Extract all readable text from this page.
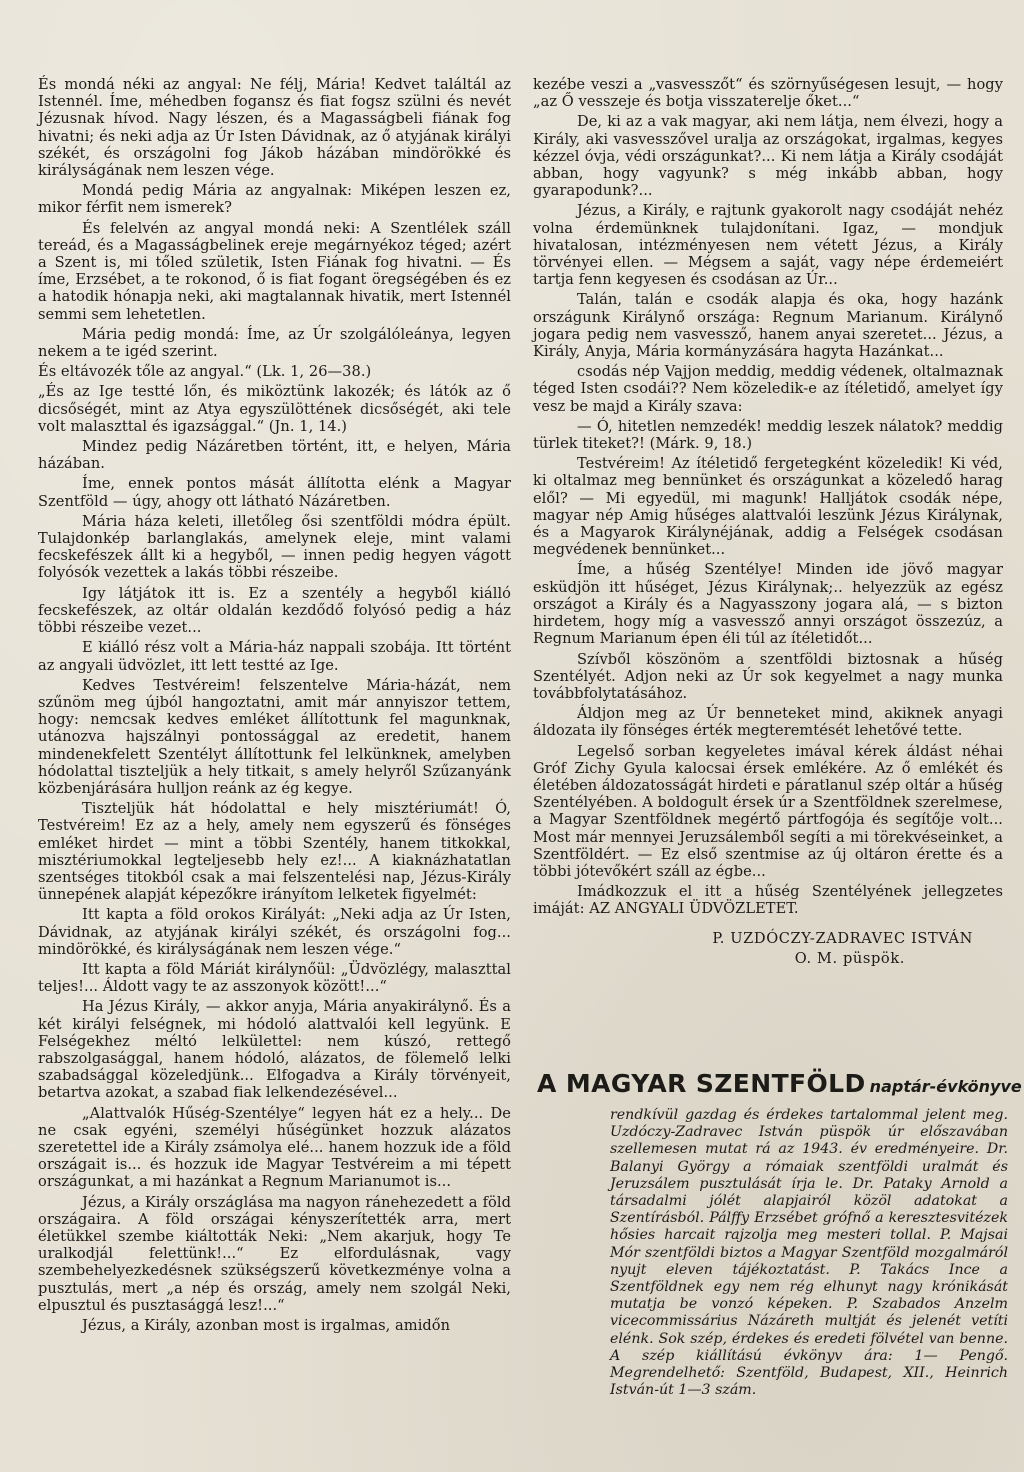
És mondá néki az angyal: Ne félj, Mária! Kedvet találtál az Istennél. Íme, méhedben fogansz és fiat fogsz szülni és nevét Jézusnak hívod. Nagy lészen, és a Magasságbeli fiának fog hivatni; és neki adja az Úr Isten Dávidnak, az ő atyjának királyi székét, és országolni fog Jákob házában mindörökké és királyságának nem leszen vége.

Mondá pedig Mária az angyalnak: Miképen leszen ez, mikor férfit nem ismerek?

És felelvén az angyal mondá neki: A Szentlélek száll tereád, és a Magasságbelinek ereje megárnyékoz téged; azért a Szent is, mi tőled születik, Isten Fiának fog hivatni. — És íme, Erzsébet, a te rokonod, ő is fiat fogant öregségében és ez a hatodik hónapja neki, aki magtalannak hivatik, mert Istennél semmi sem lehetetlen.

Mária pedig mondá: Íme, az Úr szolgálóleánya, legyen nekem a te igéd szerint.

És eltávozék tőle az angyal.“ (Lk. 1, 26—38.)

„És az Ige testté lőn, és miköztünk lakozék; és látók az ő dicsőségét, mint az Atya egyszülöttének dicsőségét, aki tele volt malaszttal és igazsággal.“ (Jn. 1, 14.)

Mindez pedig Názáretben történt, itt, e helyen, Mária házában.

Íme, ennek pontos mását állította elénk a Magyar Szentföld — úgy, ahogy ott látható Názáretben.

Mária háza keleti, illetőleg ősi szentföldi módra épült. Tulajdonkép barlanglakás, amelynek eleje, mint valami fecskefészek állt ki a hegyből, — innen pedig hegyen vágott folyósók vezettek a lakás többi részeibe.

Igy látjátok itt is. Ez a szentély a hegyből kiálló fecskefészek, az oltár oldalán kezdődő folyósó pedig a ház többi részeibe vezet...

E kiálló rész volt a Mária-ház nappali szobája. Itt történt az angyali üdvözlet, itt lett testté az Ige.

Kedves Testvéreim! felszentelve Mária-házát, nem szűnöm meg újból hangoztatni, amit már annyiszor tettem, hogy: nemcsak kedves emléket állítottunk fel magunknak, utánozva hajszálnyi pontossággal az eredetit, hanem mindenekfelett Szentélyt állítottunk fel lelkünknek, amelyben hódolattal tiszteljük a hely titkait, s amely helyről Szűzanyánk közbenjárására hulljon reánk az ég kegye.

Tiszteljük hát hódolattal e hely misztériumát! Ó, Testvéreim! Ez az a hely, amely nem egyszerű és fönséges emléket hirdet — mint a többi Szentély, hanem titkokkal, misztériumokkal legteljesebb hely ez!... A kiaknázhatatlan szentséges titokból csak a mai felszentelési nap, Jézus-Király ünnepének alapját képezőkre irányítom lelketek figyelmét:

Itt kapta a föld orokos Királyát: „Neki adja az Úr Isten, Dávidnak, az atyjának királyi székét, és országolni fog... mindörökké, és királyságának nem leszen vége.“

Itt kapta a föld Máriát királynőül: „Üdvözlégy, malaszttal teljes!... Áldott vagy te az asszonyok között!...“

Ha Jézus Király, — akkor anyja, Mária anyakirálynő. És a két királyi felségnek, mi hódoló alattvalói kell legyünk. E Felségekhez méltó lelkülettel: nem kúszó, rettegő rabszolgasággal, hanem hódoló, alázatos, de fölemelő lelki szabadsággal közeledjünk... Elfogadva a Király törvényeit, betartva azokat, a szabad fiak lelkendezésével...

„Alattvalók Hűség-Szentélye“ legyen hát ez a hely... De ne csak egyéni, személyi hűségünket hozzuk alázatos szeretettel ide a Király zsámolya elé... hanem hozzuk ide a föld országait is... és hozzuk ide Magyar Testvéreim a mi tépett országunkat, a mi hazánkat a Regnum Marianumot is...

Jézus, a Király országlása ma nagyon ránehezedett a föld országaira. A föld országai kényszerítették arra, mert életükkel szembe kiáltották Neki: „Nem akarjuk, hogy Te uralkodjál felettünk!...“ Ez elfordulásnak, vagy szembehelyezkedésnek szükségszerű következménye volna a pusztulás, mert „a nép és ország, amely nem szolgál Neki, elpusztul és pusztasággá lesz!...“

Jézus, a Király, azonban most is irgalmas, amidőn

kezébe veszi a „vasvesszőt“ és szörnyűségesen lesujt, — hogy „az Ő vesszeje és botja visszaterelje őket...“

De, ki az a vak magyar, aki nem látja, nem élvezi, hogy a Király, aki vasvesszővel uralja az országokat, irgalmas, kegyes kézzel óvja, védi országunkat?... Ki nem látja a Király csodáját abban, hogy vagyunk? s még inkább abban, hogy gyarapodunk?...

Jézus, a Király, e rajtunk gyakorolt nagy csodáját nehéz volna érdemünknek tulajdonítani. Igaz, — mondjuk hivatalosan, intézményesen nem vétett Jézus, a Király törvényei ellen. — Mégsem a saját, vagy népe érdemeiért tartja fenn kegyesen és csodásan az Úr...

Talán, talán e csodák alapja és oka, hogy hazánk országunk Királynő országa: Regnum Marianum. Királynő jogara pedig nem vasvessző, hanem anyai szeretet... Jézus, a Király, Anyja, Mária kormányzására hagyta Hazánkat...

csodás nép Vajjon meddig, meddig védenek, oltalmaznak téged Isten csodái?? Nem közeledik-e az ítéletidő, amelyet így vesz be majd a Király szava:

— Ó, hitetlen nemzedék! meddig leszek nálatok? meddig türlek titeket?! (Márk. 9, 18.)

Testvéreim! Az ítéletidő fergetegként közeledik! Ki véd, ki oltalmaz meg bennünket és országunkat a közeledő harag elől? — Mi egyedül, mi magunk! Halljátok csodák népe, magyar nép Amig hűséges alattvalói leszünk Jézus Királynak, és a Magyarok Királynéjának, addig a Felségek csodásan megvédenek bennünket...

Íme, a hűség Szentélye! Minden ide jövő magyar esküdjön itt hűséget, Jézus Királynak;.. helyezzük az egész országot a Király és a Nagyasszony jogara alá, — s bizton hirdetem, hogy míg a vasvessző annyi országot összezúz, a Regnum Marianum épen éli túl az ítéletidőt...

Szívből köszönöm a szentföldi biztosnak a hűség Szentélyét. Adjon neki az Úr sok kegyelmet a nagy munka továbbfolytatásához.

Áldjon meg az Úr benneteket mind, akiknek anyagi áldozata ily fönséges érték megteremtését lehetővé tette.

Legelső sorban kegyeletes imával kérek áldást néhai Gróf Zichy Gyula kalocsai érsek emlékére. Az ő emlékét és életében áldozatosságát hirdeti e páratlanul szép oltár a hűség Szentélyében. A boldogult érsek úr a Szentföldnek szerelmese, a Magyar Szentföldnek megértő pártfogója és segítője volt... Most már mennyei Jeruzsálemből segíti a mi törekvéseinket, a Szentföldért. — Ez első szentmise az új oltáron érette és a többi jótevőkért száll az égbe...

Imádkozzuk el itt a hűség Szentélyének jellegzetes imáját: AZ ANGYALI ÜDVÖZLETET.

P. UZDÓCZY-ZADRAVEC ISTVÁN

O. M. püspök.

A MAGYAR SZENTFÖLD naptár-évkönyve

rendkívül gazdag és érdekes tartalommal jelent meg. Uzdóczy-Zadravec István püspök úr előszavában szellemesen mutat rá az 1943. év eredményeire. Dr. Balanyi György a rómaiak szentföldi uralmát és Jeruzsálem pusztulását írja le. Dr. Pataky Arnold a társadalmi jólét alapjairól közöl adatokat a Szentírásból. Pálffy Erzsébet grófnő a keresztesvitézek hősies harcait rajzolja meg mesteri tollal. P. Majsai Mór szentföldi biztos a Magyar Szentföld mozgalmáról nyujt eleven tájékoztatást. P. Takács Ince a Szentföldnek egy nem rég elhunyt nagy krónikását mutatja be vonzó képeken. P. Szabados Anzelm vicecommissárius Názáreth multját és jelenét vetíti elénk. Sok szép, érdekes és eredeti fölvétel van benne. A szép kiállítású évkönyv ára: 1— Pengő. Megrendelhető: Szentföld, Budapest, XII., Heinrich István-út 1—3 szám.
